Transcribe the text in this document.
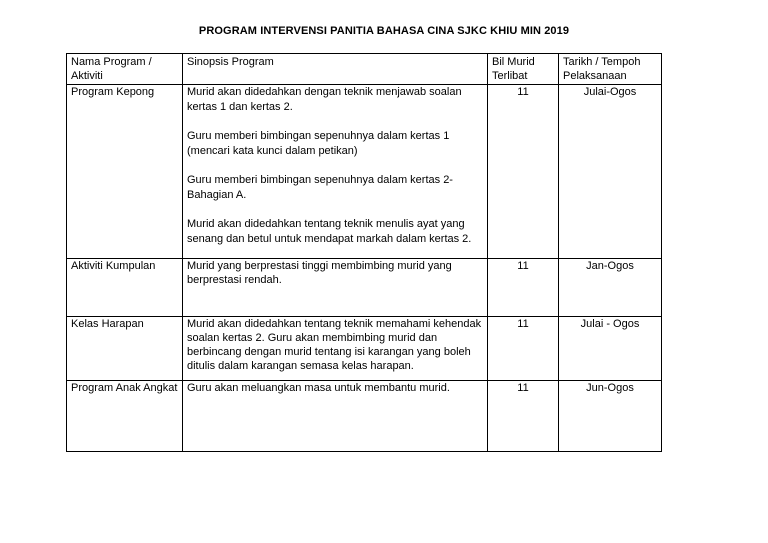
PROGRAM INTERVENSI PANITIA BAHASA CINA SJKC KHIU MIN 2019
Nama Program / Aktiviti	Sinopsis Program	Bil Murid Terlibat	Tarikh / Tempoh Pelaksanaan
Program Kepong	Murid akan didedahkan dengan teknik menjawab soalan kertas 1 dan kertas 2.

Guru memberi bimbingan sepenuhnya dalam kertas 1 (mencari kata kunci dalam petikan)

Guru memberi bimbingan sepenuhnya dalam kertas 2- Bahagian A.

Murid akan didedahkan tentang teknik menulis ayat yang senang dan betul untuk mendapat markah dalam kertas 2.	11	Julai-Ogos
Aktiviti Kumpulan	Murid yang berprestasi tinggi membimbing murid yang berprestasi rendah.	11	Jan-Ogos
Kelas Harapan	Murid akan didedahkan tentang teknik memahami kehendak soalan kertas 2. Guru akan membimbing murid dan berbincang dengan murid tentang isi karangan yang boleh ditulis dalam karangan semasa kelas harapan.	11	Julai - Ogos
Program Anak Angkat	Guru akan meluangkan masa untuk membantu murid.	11	Jun-Ogos
